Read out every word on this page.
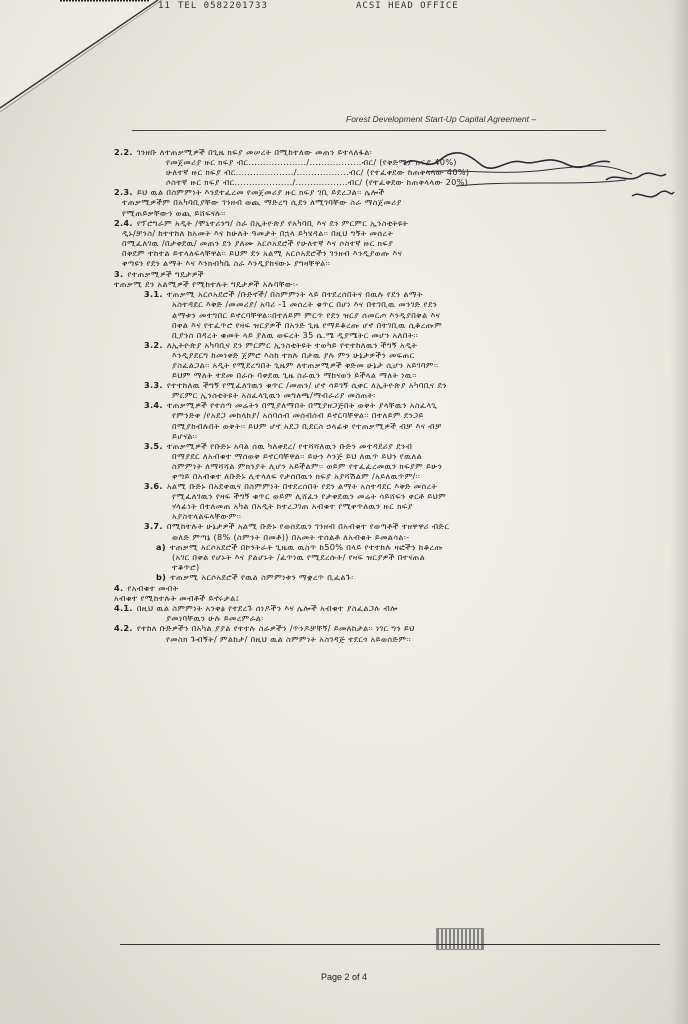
11 TEL 0582201733	ACSI HEAD OFFICE
Forest Development Start-Up Capital Agreement –
2.2. ገንዘቡ ለተጠቃሚዎች በጊዜ ክፍያ መሠረት በሚከተለው መጠን ይተላለፋል፡
የመጀመሪያ ዙር ክፍያ ብር..................../..................ብር/ (የቅድሚያ ክፍያ 40%)
ሁለተኛ ዙር ክፍያ ብር..................../..................ብር/ (የተፈቀደው ከጠቅላላው 40%)
ሶስተኛ ዙር ክፍያ ብር..................../..................ብር/ (የተፈቀደው ከጠቅላላው 20%)
2.3. ይህ ዉል በስምምነት እንደተፈረመ የመጀመሪያ ዙር ክፍያ ገቢ ይደረጋል፡፡ ሌሎች
ተጠቃሚዎችም በአካባቢያቸው ገንዘብ ወጪ ማድረግ ሲደን ለሚገባቸው ስራ ማስጀመሪያ
የሚጠይቃቸውን ወጪ ይሸፍናሉ፡፡
2.4. የፕሮግራም አዲት /ሞኒተሪንግ/ ስራ በኢትዮጵያ የአካባቢ እና ደን ምርምር ኢንስቲትዩት
ዲኑ/ቻንስ/ ከተተከለ ከአመት እና ከሁለት ዓመታት በኋላ ይካሄዳል፡፡ በዚህ ግኝት መሰረት
በሚፈለገዉ /በታቀደዉ/ መጠን ደን ያለሙ አርሶአደሮች የሁለተኛ እና ሶስተኛ ዙር ክፍያ
በቅደም ተከተል ይተላለፍላቸዋል፡፡ ይህም ደን አልሚ አርሶአደሮችን ገንዘብ እንዲያወጡ እና
ቀጣዩን የደን ልማት እና እንክብካቤ ስራ እንዲያከናውኑ ያግዛቸዋል፡፡
3. የተጠቃሚዎች ግዴታዎች
ተጠቃሚ ደን አልሚዎች የሚከተሉት ግዴታዎች አሉባቸው፡-
3.1. ተጠቃሚ አርሶአደሮች /ቡድኖች/ በስምምነት ላይ በተደረሰበትና በዉሉ የደን ልማት
አስተዳደር እቅድ /መመሪያ/ አባሪ -1 መሰረት ቁጥር በሆነ እና በተገቢዉ መንገድ የደን
ልማቱን መተግበር ይኖርባቸዋል፡፡በተለይም ምርጥ የደን ዝርያ ሰመርጦ እንዲያበቅል እና
በቀል እና የተፈጥሮ የዛፍ ዝርያዎች በአንድ ጊዜ የማይቆረጡ ሆኖ በተገቢዉ ሲቆረጡም
ቢያንስ በዳረት ቁመት ላይ ያለዉ ወፍረት 35 ሴ.ሜ ዲያሜትር መሆን አለበት፡፡
3.2. ለኢትዮጵያ አካባቢና ደን ምርምር ኢንስቲትዩት ተወካይ የተተከለዉን ችግኝ አዲት
እንዲያደርግ ከመነቀድ ጀምሮ እስከ ተክሉ በታዉ ያሉ ምን ሁኔታዎችን መፍጠር
ያስፈልጋል፡፡ አዲት የሚደረግበት ጊዜም ለተጠቃሚዎች ቅድመ ሁኔታ ሲሆን አይገባም፡፡
ይህም ማለት ተደመ በራሱ ባቀደዉ ጊዜ ስራዉን ማከናወን ይችላል ማለት ነዉ፡፡
3.3. የተተከለዉ ችግኝ የሚፈለገዉን ቁጥር /መጠን/ ሆኖ ሳይገኝ ሲቀር ለኢትዮጵያ አካባቢና ደን
ምርምር ኢንስቲትዩት አስፈላጊዉን መግለጫ/ማብራሪያ መስጠት፡
3.4. ተጠቃሚዎች የተሰጣ መሬትን በሚያለማበት በሚያዘጋጅበት ወቅት ያላቸዉን አስፈላጊ
የምንድቀ /የአደጋ መከላከያ/ አሰባሰብ መሰብሰብ ይኖርባቸዋል፡፡ በተለይም ደንጋይ
በሚያከብሉበት ወቅት፡፡ ይህም ሆኖ አደጋ ቢደርስ ኃላፊቱ የተጠቃሚዎች ብቻ እና ብቻ
ይሆናል፡፡
3.5. ተጠቃሚዎች የቡድኑ አባል ሰዉ ካለቀደረ/ የተሻሻለዉን ቡድን መተዳደሪያ ደንብ
በማያደር ለአብቁተ ማሰወቅ ይኖርባቸዋል፡፡ ይሁን እንጅ ይህ ለዉጥ ይህን የዉለል
ስምምነት ለማሻሻል ምክንያት ሊሆን አይችልም፡፡ ወይም የተፈፈረመዉን ክፍያም ይሁን
ቀጣይ በአብቁተ ለቡድኑ ሊተላለፍ የታሰበዉን ክፍያ አያሻሽልም /አይለዉጥም/፡፡
3.6. አልሚ ቡድኑ በአደቀዉና በስምምነት በተደረሰበት የደን ልማት አስተዳደር እቅድ መሰረት
የሚፈለገዉን የዛፍ ችግኝ ቁጥር ወይም ሊሸፈን የታቀደዉን መሬት ሳይሸፍን ቀርቶ ይህም
ሃላፊነት በተለመጠ አካል በአዲት ከተረጋገጠ አብቁተ የሚቀጥለዉን ዙር ክፍያ
አያስተላልፍላቸውም፡፡
3.7. በሚከተሉት ሁኔታዎች አልሚ ቡድኑ የወሰደዉን ገንዘብ በአብቁተ የወጣቶች ተዘዋዋሪ ብድር
ወለድ ምጣኔ (8% (ስምንት በመቶ)) በአመት ተሰልቶ ለአብቁት ይመልሳል፡-
a) ተጠቃሚ አርሶአደሮች በኮንትራት ጊዜዉ ዉስጥ ከ50% በላይ የተተከሉ ዛፎችን ከቆረጡ
(አገር በቀል የሆኑት እና ያልሆኑት /ፈጥነዉ የሚደረሱት/ የዛፍ ዝርያዎች በተናጠል
ተቆጥሮ)
b) ተጠቃሚ አርሶአደሮች የዉል ስምምነቱን ማቋረጥ ቢፈልጉ፡
4. የአብቁተ መብት
አብቁተ የሚከተሉት መብቶች ይኖሩታል፤
4.1. በዚህ ዉል ስምምነት አንቀፅ የተደረጉ ሰነዶችን እና ሌሎች አብቁተ ያስፈልጋሉ ብሎ
ያመነባቸዉን ሁሉ ይመረምራል፡
4.2. የተከለ ቡድዎችን በአካል ያያል የተተሉ ስራዎችን /ጥንዶቻቸኝ/ ይመለከታል፡፡ ነገር ግን ይህ
የመስክ ጉብኝት/ ምልከታ/ በዚህ ዉል ስምምነት አስገዳጅ ተደርጎ አይወሰድም፡፡
Page 2 of 4
